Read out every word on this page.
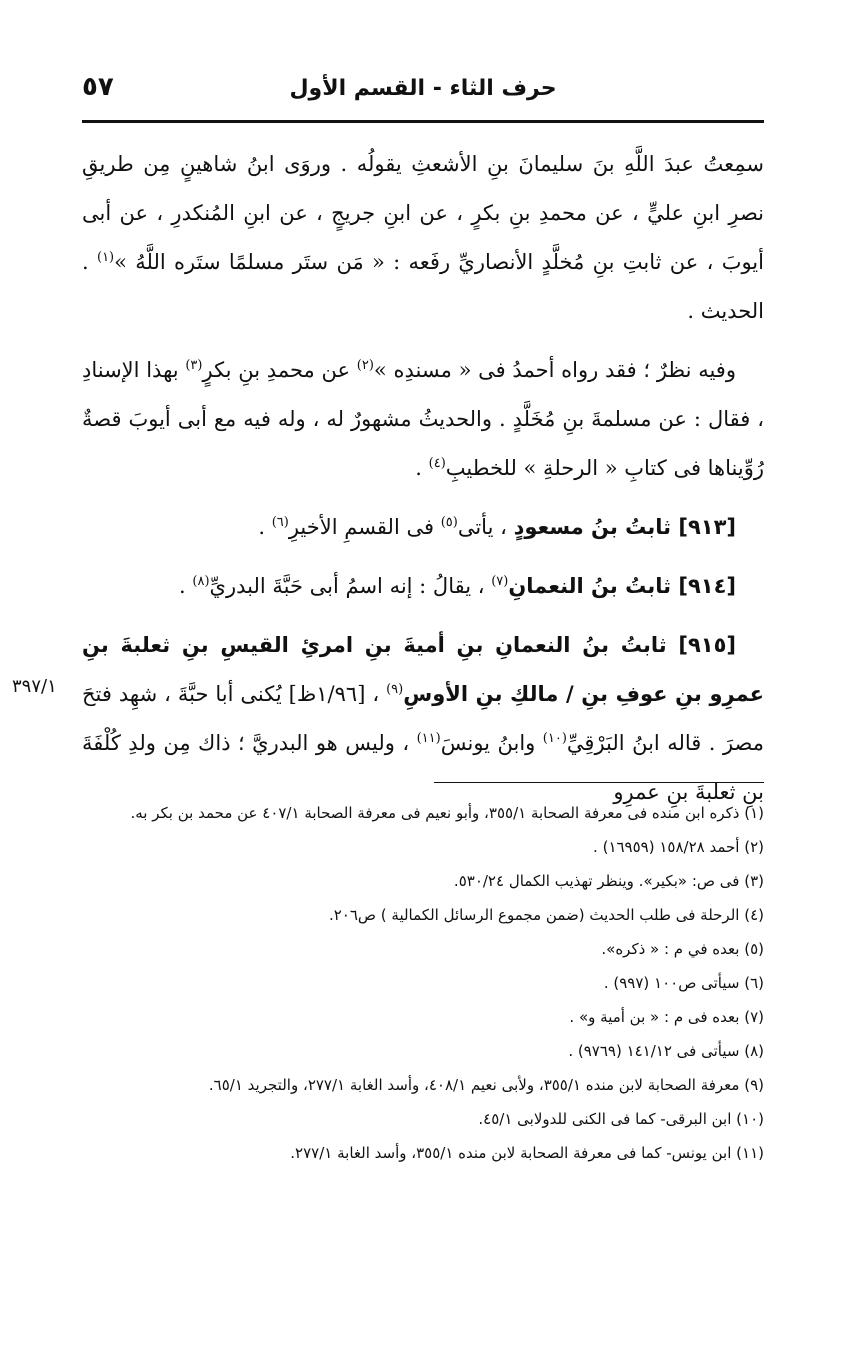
حرف الثاء - القسم الأول
٥٧
٣٩٧/١

سمِعتُ عبدَ اللَّهِ بنَ سليمانَ بنِ الأشعثِ يقولُه . وروَى ابنُ شاهينٍ مِن طريقِ نصرِ ابنِ عليٍّ ، عن محمدِ بنِ بكرٍ ، عن ابنِ جريجٍ ، عن ابنِ المُنكدرِ ، عن أبى أيوبَ ، عن ثابتِ بنِ مُخلَّدٍ الأنصاريِّ رفَعه : « مَن ستَر مسلمًا ستَره اللَّهُ »$^{(١)}$ . الحديث .

وفيه نظرٌ ؛ فقد رواه أحمدُ فى « مسندِه »$^{(٢)}$ عن محمدِ بنِ بكرٍ$^{(٣)}$ بهذا الإسنادِ ، فقال : عن مسلمةَ بنِ مُخَلَّدٍ . والحديثُ مشهورٌ له ، وله فيه مع أبى أيوبَ قصةٌ رُوِّيناها فى كتابِ « الرحلةِ » للخطيبِ$^{(٤)}$ .

[٩١٣] ثابتُ بنُ مسعودٍ ، يأتى$^{(٥)}$ فى القسمِ الأخيرِ$^{(٦)}$ .

[٩١٤] ثابتُ بنُ النعمانِ$^{(٧)}$ ، يقالُ : إنه اسمُ أبى حَبَّةَ البدريِّ$^{(٨)}$ .

[٩١٥] ثابتُ بنُ النعمانِ بنِ أميةَ بنِ امرئِ القيسِ بنِ ثعلبةَ بنِ عمرِو بنِ عوفِ بنِ / مالكِ بنِ الأوسِ$^{(٩)}$ ، [١/٩٦ظ] يُكنى أبا حبَّةَ ، شهِد فتحَ مصرَ . قاله ابنُ البَرْقِيِّ$^{(١٠)}$ وابنُ يونسَ$^{(١١)}$ ، وليس هو البدريَّ ؛ ذاك مِن ولدِ كُلْفَةَ بنِ ثعلبةَ بنِ عمرِو

(١) ذكره ابن منده فى معرفة الصحابة ٣٥٥/١، وأبو نعيم فى معرفة الصحابة ٤٠٧/١ عن محمد بن بكر به.

(٢) أحمد ١٥٨/٢٨ (١٦٩٥٩) .

(٣) فى ص: «بكير». وينظر تهذيب الكمال ٥٣٠/٢٤.

(٤) الرحلة فى طلب الحديث (ضمن مجموع الرسائل الكمالية ) ص٢٠٦.

(٥) بعده في م : « ذكره».

(٦) سيأتى ص١٠٠ (٩٩٧) .

(٧) بعده فى م : « بن أمية و» .

(٨) سيأتى فى ١٤١/١٢ (٩٧٦٩) .

(٩) معرفة الصحابة لابن منده ٣٥٥/١، ولأبى نعيم ٤٠٨/١، وأسد الغابة ٢٧٧/١، والتجريد ٦٥/١.

(١٠) ابن البرقى- كما فى الكنى للدولابى ٤٥/١.

(١١) ابن يونس- كما فى معرفة الصحابة لابن منده ٣٥٥/١، وأسد الغابة ٢٧٧/١.
